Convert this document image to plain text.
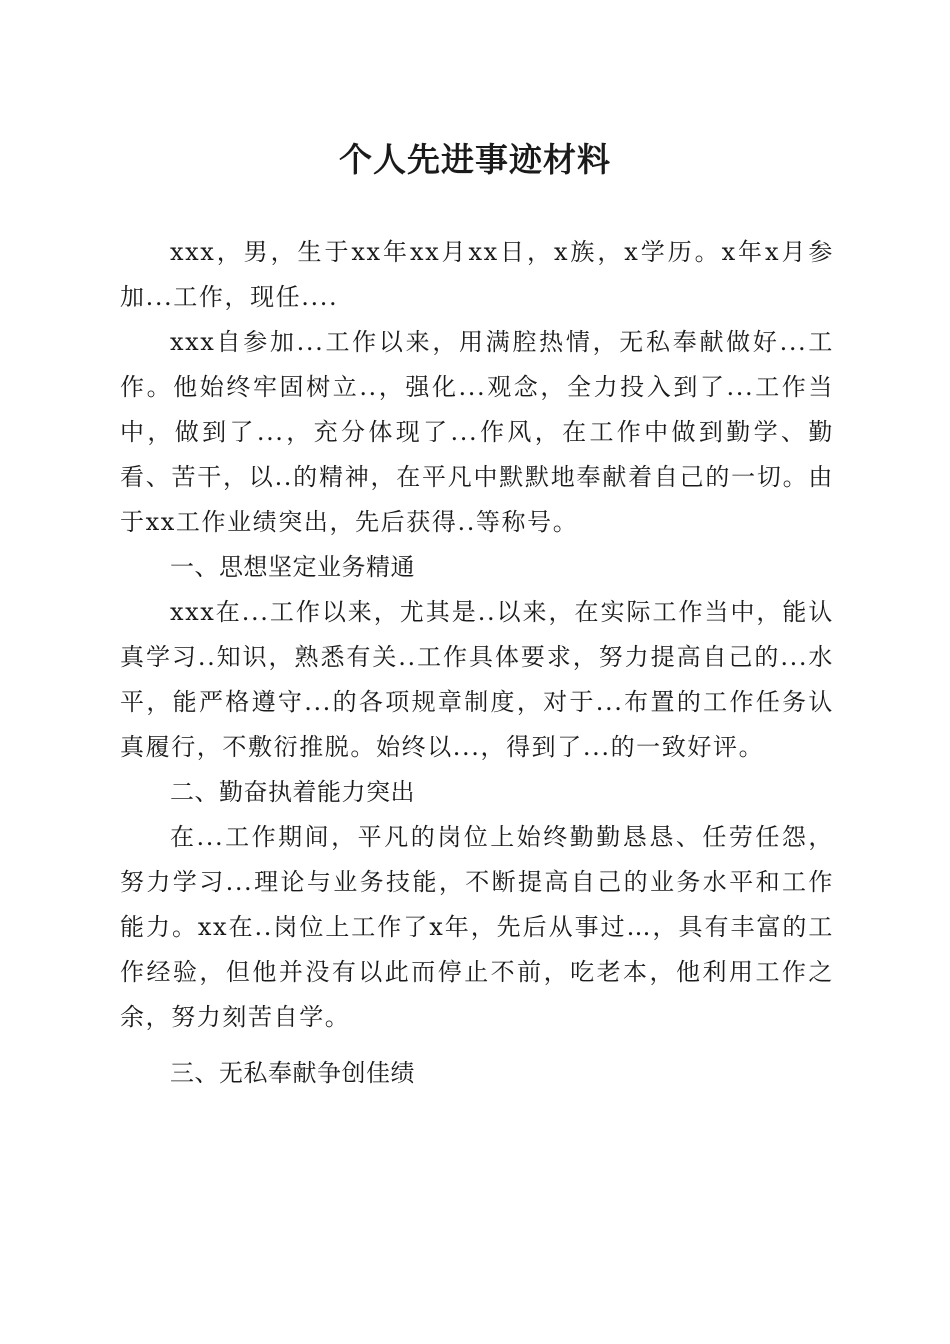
个人先进事迹材料

xxx，男，生于xx年xx月xx日，x族，x学历。x年x月参加...工作，现任....

xxx自参加...工作以来，用满腔热情，无私奉献做好...工作。他始终牢固树立..，强化...观念，全力投入到了...工作当中，做到了...，充分体现了...作风，在工作中做到勤学、勤看、苦干，以..的精神，在平凡中默默地奉献着自己的一切。由于xx工作业绩突出，先后获得..等称号。

一、思想坚定业务精通

xxx在...工作以来，尤其是..以来，在实际工作当中，能认真学习..知识，熟悉有关..工作具体要求，努力提高自己的...水平，能严格遵守...的各项规章制度，对于...布置的工作任务认真履行，不敷衍推脱。始终以...，得到了...的一致好评。

二、勤奋执着能力突出

在...工作期间，平凡的岗位上始终勤勤恳恳、任劳任怨，努力学习...理论与业务技能，不断提高自己的业务水平和工作能力。xx在..岗位上工作了x年，先后从事过…，具有丰富的工作经验，但他并没有以此而停止不前，吃老本，他利用工作之余，努力刻苦自学。

三、无私奉献争创佳绩
